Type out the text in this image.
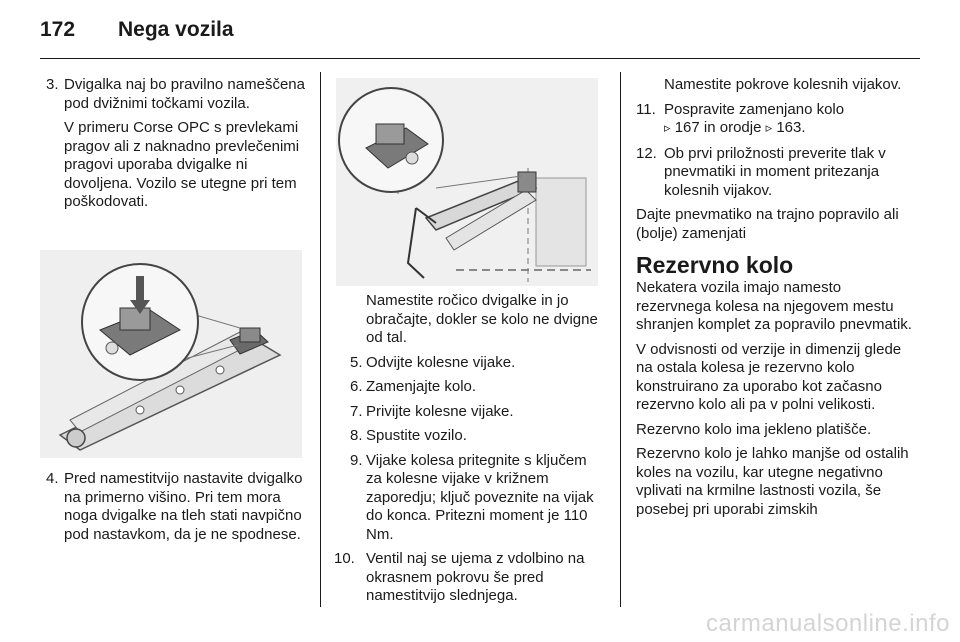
172 Nega vozila
3. Dvigalka naj bo pravilno nameščena pod dvižnimi točkami vozila.

V primeru Corse OPC s prevlekami pragov ali z naknadno prevlečenimi pragovi uporaba dvigalke ni dovoljena. Vozilo se utegne pri tem poškodovati.

4. Pred namestitvijo nastavite dvigalko na primerno višino. Pri tem mora noga dvigalke na tleh stati navpično pod nastavkom, da je ne spodnese.

Namestite ročico dvigalke in jo obračajte, dokler se kolo ne dvigne od tal.

5. Odvijte kolesne vijake.

6. Zamenjajte kolo.

7. Privijte kolesne vijake.

8. Spustite vozilo.

9. Vijake kolesa pritegnite s ključem za kolesne vijake v križnem zaporedju; ključ poveznite na vijak do konca. Pritezni moment je 110 Nm.

10. Ventil naj se ujema z vdolbino na okrasnem pokrovu še pred namestitvijo slednjega.

Namestite pokrove kolesnih vijakov.

11. Pospravite zamenjano kolo
▹ 167 in orodje ▹ 163.

12. Ob prvi priložnosti preverite tlak v pnevmatiki in moment pritezanja kolesnih vijakov.

Dajte pnevmatiko na trajno popravilo ali (bolje) zamenjati

Rezervno kolo

Nekatera vozila imajo namesto rezervnega kolesa na njegovem mestu shranjen komplet za popravilo pnevmatik.

V odvisnosti od verzije in dimenzij glede na ostala kolesa je rezervno kolo konstruirano za uporabo kot začasno rezervno kolo ali pa v polni velikosti.

Rezervno kolo ima jekleno platišče.

Rezervno kolo je lahko manjše od ostalih koles na vozilu, kar utegne negativno vplivati na krmilne lastnosti vozila, še posebej pri uporabi zimskih

carmanualsonline.info
